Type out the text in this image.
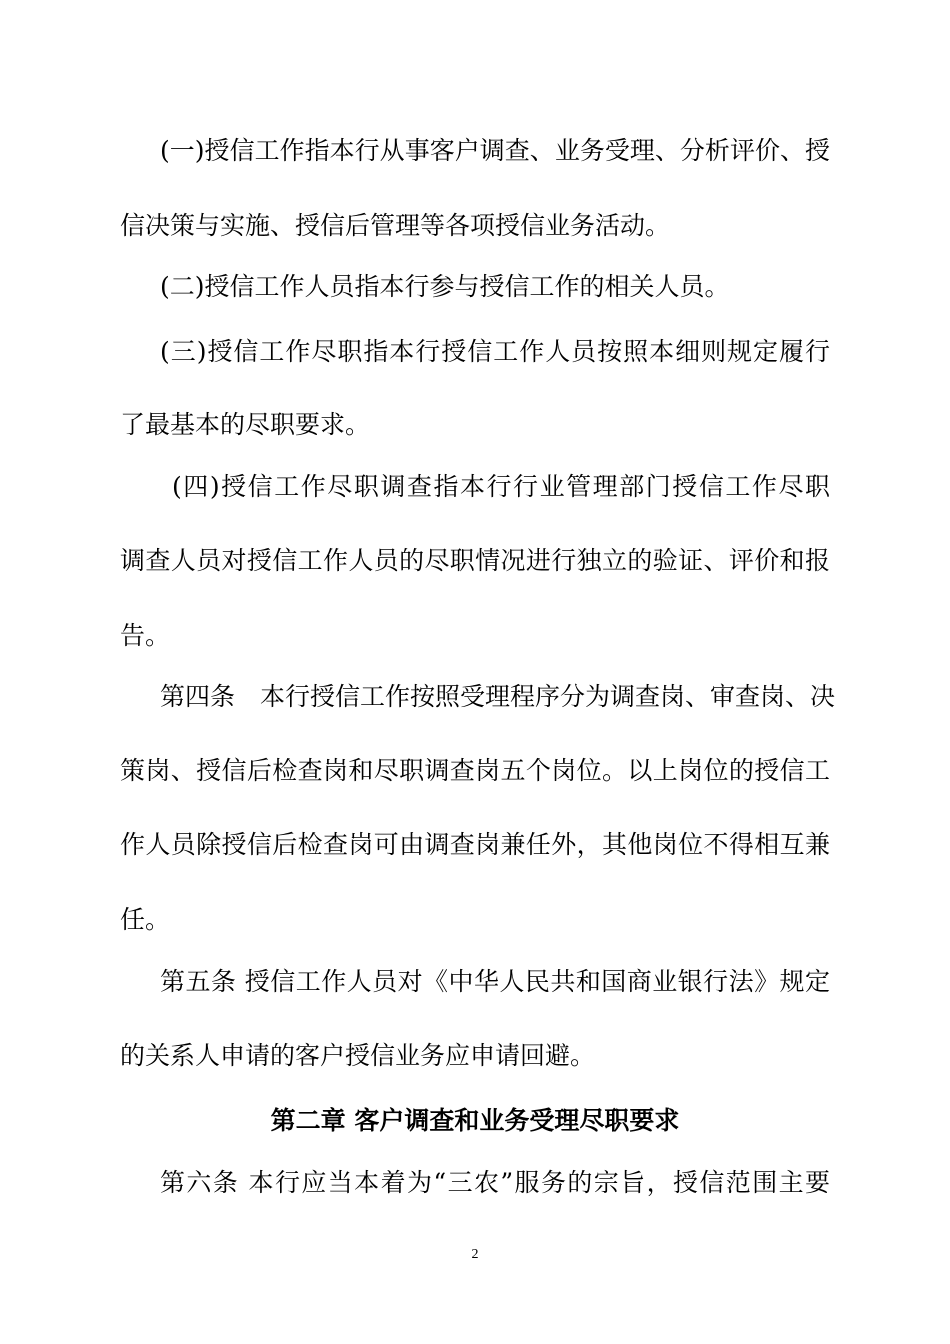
(一)授信工作指本行从事客户调查、业务受理、分析评价、授
信决策与实施、授信后管理等各项授信业务活动。
(二)授信工作人员指本行参与授信工作的相关人员。
(三)授信工作尽职指本行授信工作人员按照本细则规定履行
了最基本的尽职要求。
(四)授信工作尽职调查指本行行业管理部门授信工作尽职
调查人员对授信工作人员的尽职情况进行独立的验证、评价和报
告。
第四条　本行授信工作按照受理程序分为调查岗、审查岗、决
策岗、授信后检查岗和尽职调查岗五个岗位。以上岗位的授信工
作人员除授信后检查岗可由调查岗兼任外，其他岗位不得相互兼
任。
第五条 授信工作人员对《中华人民共和国商业银行法》规定
的关系人申请的客户授信业务应申请回避。
第二章 客户调查和业务受理尽职要求
第六条 本行应当本着为“三农”服务的宗旨，授信范围主要
2
